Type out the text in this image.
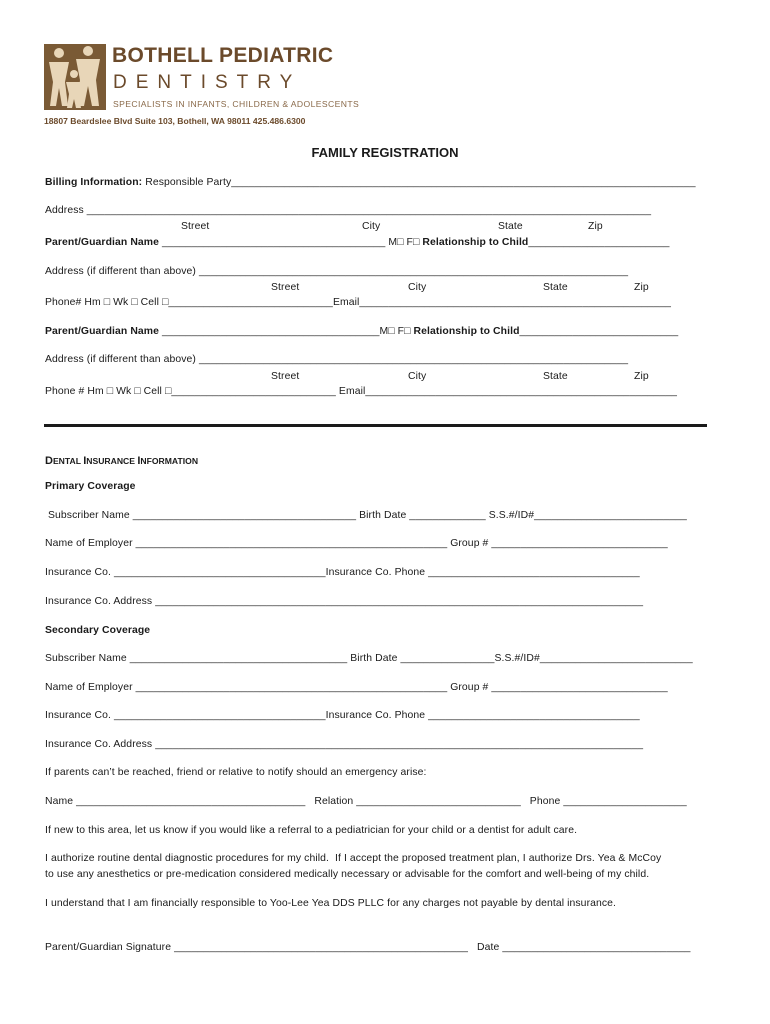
BOTHELL PEDIATRIC
DENTISTRY
SPECIALISTS IN INFANTS, CHILDREN & ADOLESCENTS
18807 Beardslee Blvd Suite 103, Bothell, WA 98011 425.486.6300
FAMILY REGISTRATION
Billing Information: Responsible Party_______________________________________________________________________________
Address ________________________________________________________________________________________________
Street	City	State	Zip
Parent/Guardian Name ______________________________________ M□ F□ Relationship to Child________________________
Address (if different than above) _________________________________________________________________________
Street	City	State	Zip
Phone# Hm □ Wk □ Cell □____________________________Email_____________________________________________________
Parent/Guardian Name _____________________________________M□ F□ Relationship to Child___________________________
Address (if different than above) _________________________________________________________________________
Street	City	State	Zip
Phone # Hm □ Wk □ Cell □____________________________ Email_____________________________________________________
DENTAL INSURANCE INFORMATION
Primary Coverage
Subscriber Name ______________________________________ Birth Date _____________ S.S.#/ID#__________________________
Name of Employer _____________________________________________________ Group # ______________________________
Insurance Co. ____________________________________Insurance Co. Phone ____________________________________
Insurance Co. Address ___________________________________________________________________________________
Secondary Coverage
Subscriber Name _____________________________________ Birth Date ________________S.S.#/ID#__________________________
Name of Employer _____________________________________________________ Group # ______________________________
Insurance Co. ____________________________________Insurance Co. Phone ____________________________________
Insurance Co. Address ___________________________________________________________________________________
If parents can’t be reached, friend or relative to notify should an emergency arise:
Name _______________________________________   Relation ____________________________   Phone _____________________
If new to this area, let us know if you would like a referral to a pediatrician for your child or a dentist for adult care.
I authorize routine dental diagnostic procedures for my child.  If I accept the proposed treatment plan, I authorize Drs. Yea & McCoy
to use any anesthetics or pre-medication considered medically necessary or advisable for the comfort and well-being of my child.
I understand that I am financially responsible to Yoo-Lee Yea DDS PLLC for any charges not payable by dental insurance.
Parent/Guardian Signature __________________________________________________   Date ________________________________
